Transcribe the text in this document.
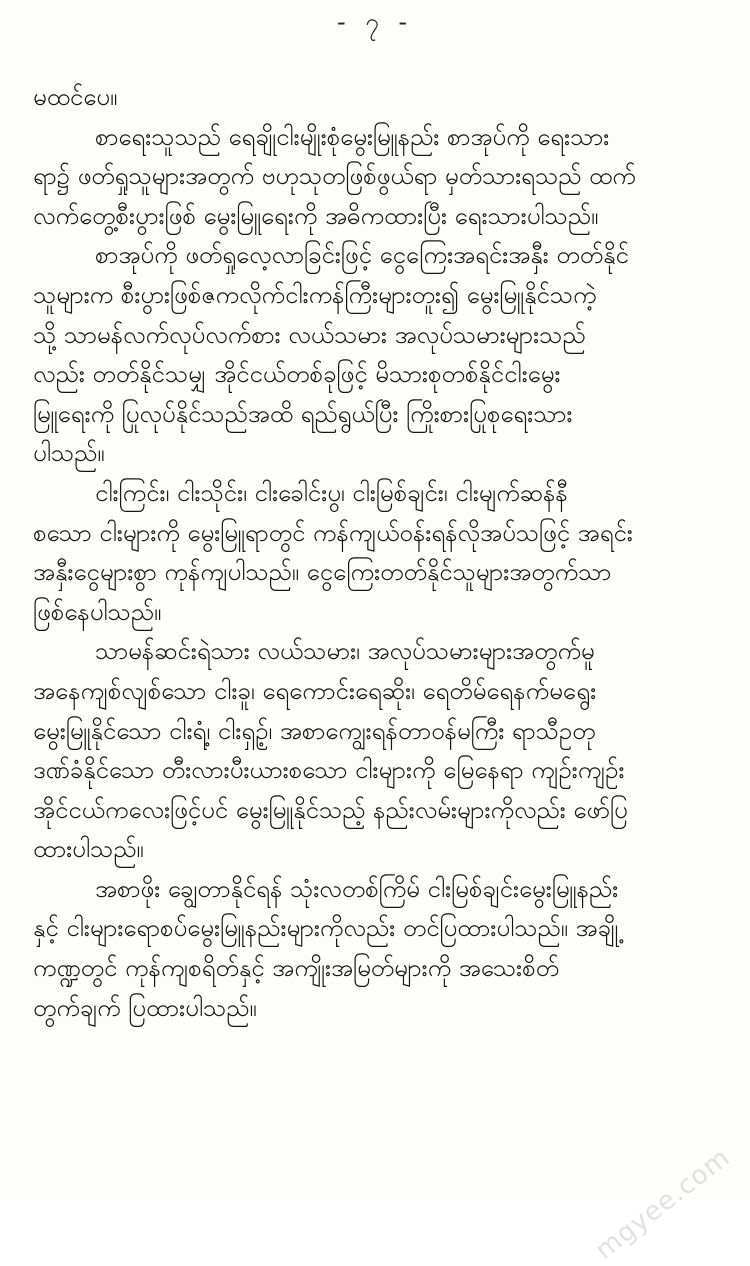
- ၇ -
မထင်ပေ။
စာရေးသူသည် ရေချိုငါးမျိုးစုံမွေးမြူနည်း စာအုပ်ကို ရေးသား
ရာ၌ ဖတ်ရှုသူများအတွက် ဗဟုသုတဖြစ်ဖွယ်ရာ မှတ်သားရသည် ထက်
လက်တွေ့စီးပွားဖြစ် မွေးမြူရေးကို အဓိကထားပြီး ရေးသားပါသည်။
စာအုပ်ကို ဖတ်ရှုလေ့လာခြင်းဖြင့် ငွေကြေးအရင်းအနှီး တတ်နိုင်
သူများက စီးပွားဖြစ်ဇကလိုက်ငါးကန်ကြီးများတူး၍ မွေးမြူနိုင်သကဲ့
သို့ သာမန်လက်လုပ်လက်စား လယ်သမား အလုပ်သမားများသည်
လည်း တတ်နိုင်သမျှ အိုင်ငယ်တစ်ခုဖြင့် မိသားစုတစ်နိုင်ငါးမွေး
မြူရေးကို ပြုလုပ်နိုင်သည်အထိ ရည်ရွယ်ပြီး ကြိုးစားပြုစုရေးသား
ပါသည်။
ငါးကြင်း၊ ငါးသိုင်း၊ ငါးခေါင်းပွ၊ ငါးမြစ်ချင်း၊ ငါးမျက်ဆန်နီ
စသော ငါးများကို မွေးမြူရာတွင် ကန်ကျယ်ဝန်းရန်လိုအပ်သဖြင့် အရင်း
အနှီးငွေများစွာ ကုန်ကျပါသည်။ ငွေကြေးတတ်နိုင်သူများအတွက်သာ
ဖြစ်နေပါသည်။
သာမန်ဆင်းရဲသား လယ်သမား၊ အလုပ်သမားများအတွက်မူ
အနေကျစ်လျစ်သော ငါးခူ၊ ရေကောင်းရေဆိုး၊ ရေတိမ်ရေနက်မရွေး
မွေးမြူနိုင်သော ငါးရံ့၊ ငါးရှဉ့်၊ အစာကျွေးရန်တာဝန်မကြီး ရာသီဥတု
ဒဏ်ခံနိုင်သော တီးလားပီးယားစသော ငါးများကို မြေနေရာ ကျဉ်းကျဉ်း
အိုင်ငယ်ကလေးဖြင့်ပင် မွေးမြူနိုင်သည့် နည်းလမ်းများကိုလည်း ဖော်ပြ
ထားပါသည်။
အစာဖိုး ချွေတာနိုင်ရန် သုံးလတစ်ကြိမ် ငါးမြစ်ချင်းမွေးမြူနည်း
နှင့် ငါးများရောစပ်မွေးမြူနည်းများကိုလည်း တင်ပြထားပါသည်။ အချို့
ကဏ္ဍတွင် ကုန်ကျစရိတ်နှင့် အကျိုးအမြတ်များကို အသေးစိတ်
တွက်ချက် ပြထားပါသည်။
mgyee.com
